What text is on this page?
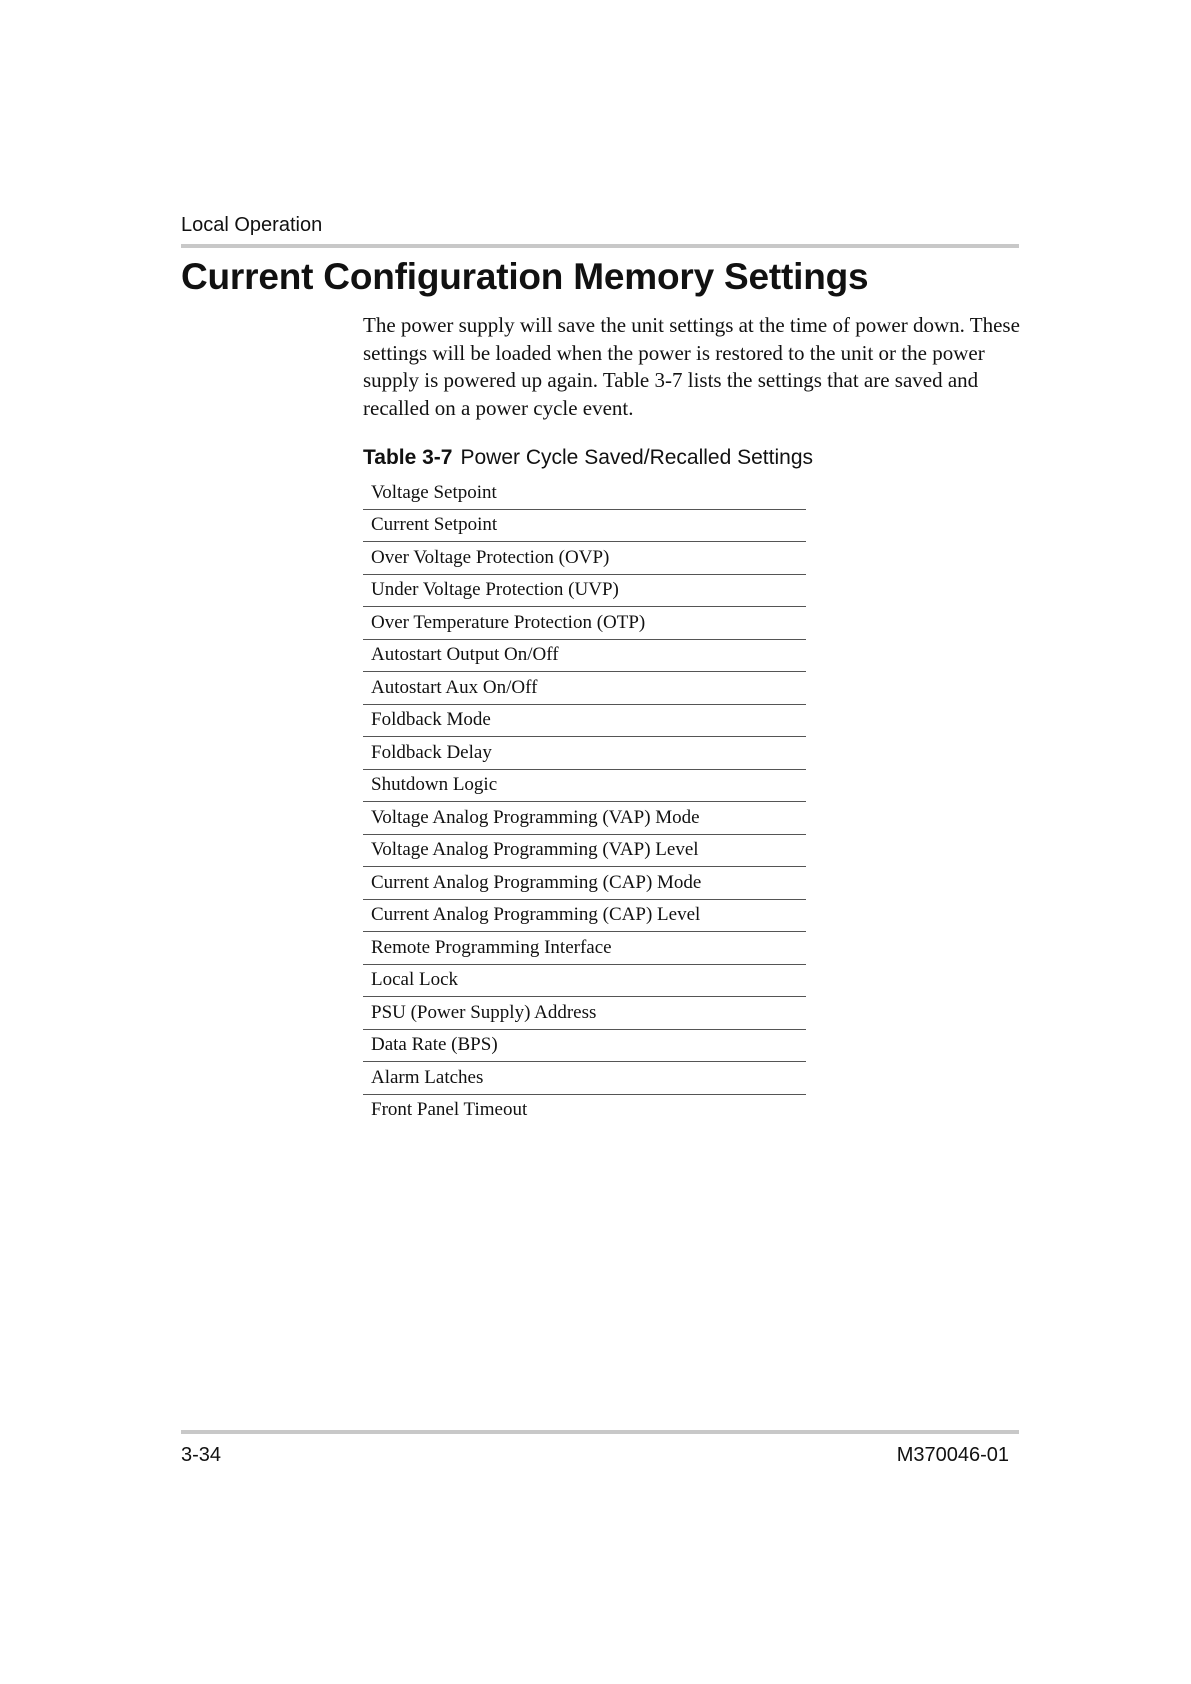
Local Operation
Current Configuration Memory Settings

The power supply will save the unit settings at the time of power down. These settings will be loaded when the power is restored to the unit or the power supply is powered up again. Table 3-7 lists the settings that are saved and recalled on a power cycle event.

Table 3-7 Power Cycle Saved/Recalled Settings
Voltage Setpoint
Current Setpoint
Over Voltage Protection (OVP)
Under Voltage Protection (UVP)
Over Temperature Protection (OTP)
Autostart Output On/Off
Autostart Aux On/Off
Foldback Mode
Foldback Delay
Shutdown Logic
Voltage Analog Programming (VAP) Mode
Voltage Analog Programming (VAP) Level
Current Analog Programming (CAP) Mode
Current Analog Programming (CAP) Level
Remote Programming Interface
Local Lock
PSU (Power Supply) Address
Data Rate (BPS)
Alarm Latches
Front Panel Timeout
3-34	M370046-01
